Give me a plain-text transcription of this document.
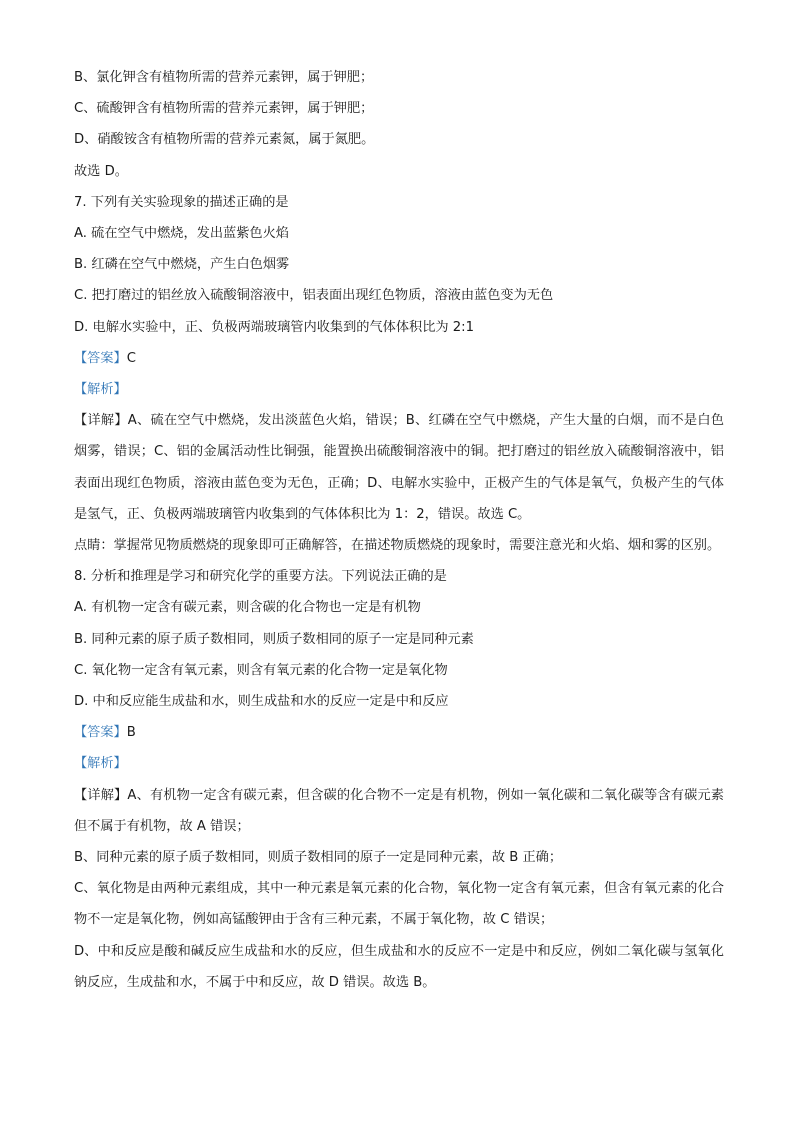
B、氯化钾含有植物所需的营养元素钾，属于钾肥；
C、硫酸钾含有植物所需的营养元素钾，属于钾肥；
D、硝酸铵含有植物所需的营养元素氮，属于氮肥。
故选 D。
7. 下列有关实验现象的描述正确的是
A. 硫在空气中燃烧，发出蓝紫色火焰
B. 红磷在空气中燃烧，产生白色烟雾
C. 把打磨过的铝丝放入硫酸铜溶液中，铝表面出现红色物质，溶液由蓝色变为无色
D. 电解水实验中，正、负极两端玻璃管内收集到的气体体积比为 2:1
【答案】C
【解析】
【详解】A、硫在空气中燃烧，发出淡蓝色火焰，错误；B、红磷在空气中燃烧，产生大量的白烟，而不是白色烟雾，错误；C、铝的金属活动性比铜强，能置换出硫酸铜溶液中的铜。把打磨过的铝丝放入硫酸铜溶液中，铝表面出现红色物质，溶液由蓝色变为无色，正确；D、电解水实验中，正极产生的气体是氧气，负极产生的气体是氢气，正、负极两端玻璃管内收集到的气体体积比为 1：2，错误。故选 C。
点睛：掌握常见物质燃烧的现象即可正确解答，在描述物质燃烧的现象时，需要注意光和火焰、烟和雾的区别。
8. 分析和推理是学习和研究化学的重要方法。下列说法正确的是
A. 有机物一定含有碳元素，则含碳的化合物也一定是有机物
B. 同种元素的原子质子数相同，则质子数相同的原子一定是同种元素
C. 氧化物一定含有氧元素，则含有氧元素的化合物一定是氧化物
D. 中和反应能生成盐和水，则生成盐和水的反应一定是中和反应
【答案】B
【解析】
【详解】A、有机物一定含有碳元素，但含碳的化合物不一定是有机物，例如一氧化碳和二氧化碳等含有碳元素但不属于有机物，故 A 错误；
B、同种元素的原子质子数相同，则质子数相同的原子一定是同种元素，故 B 正确；
C、氧化物是由两种元素组成，其中一种元素是氧元素的化合物，氧化物一定含有氧元素，但含有氧元素的化合物不一定是氧化物，例如高锰酸钾由于含有三种元素，不属于氧化物，故 C 错误；
D、中和反应是酸和碱反应生成盐和水的反应，但生成盐和水的反应不一定是中和反应，例如二氧化碳与氢氧化钠反应，生成盐和水，不属于中和反应，故 D 错误。故选 B。
